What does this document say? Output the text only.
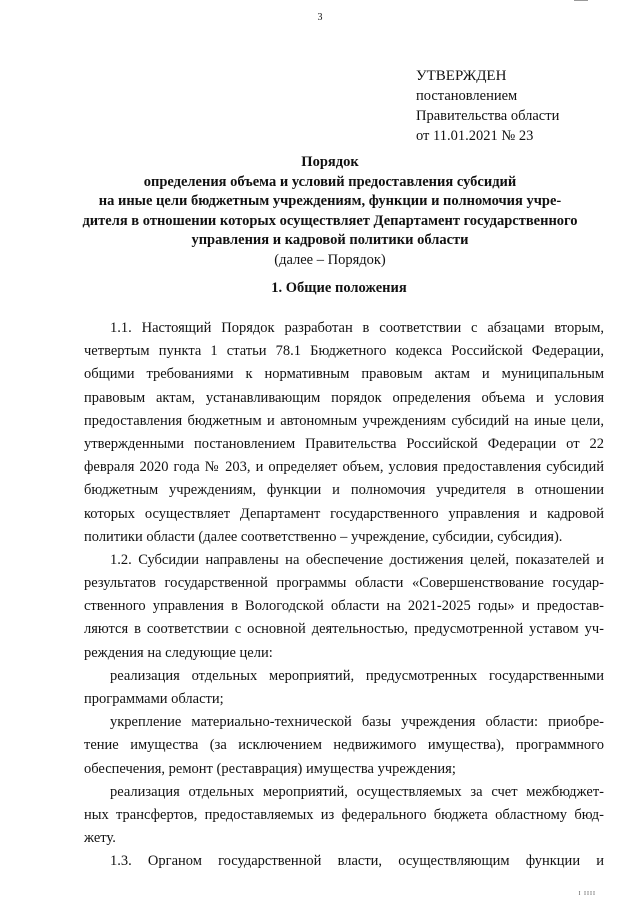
3
УТВЕРЖДЕН
постановлением
Правительства области
от 11.01.2021 № 23
Порядок
определения объема и условий предоставления субсидий
на иные цели бюджетным учреждениям, функции и полномочия учре-
дителя в отношении которых осуществляет Департамент государственного
управления и кадровой политики области
(далее – Порядок)
1. Общие положения
1.1. Настоящий Порядок разработан в соответствии с абзацами вторым,
четвертым пункта 1 статьи 78.1 Бюджетного кодекса Российской Федерации,
общими требованиями к нормативным правовым актам и муниципальным
правовым актам, устанавливающим порядок определения объема и условия
предоставления бюджетным и автономным учреждениям субсидий на иные цели,
утвержденными постановлением Правительства Российской Федерации от 22
февраля 2020 года № 203, и определяет объем, условия предоставления субсидий
бюджетным учреждениям, функции и полномочия учредителя в отношении
которых осуществляет Департамент государственного управления и кадровой
политики области (далее соответственно – учреждение, субсидии, субсидия).
1.2. Субсидии направлены на обеспечение достижения целей, показателей и
результатов государственной программы области «Совершенствование государ-
ственного управления в Вологодской области на 2021-2025 годы» и предостав-
ляются в соответствии с основной деятельностью, предусмотренной уставом уч-
реждения на следующие цели:
реализация отдельных мероприятий, предусмотренных государственными
программами области;
укрепление материально-технической базы учреждения области: приобре-
тение имущества (за исключением недвижимого имущества), программного
обеспечения, ремонт (реставрация) имущества учреждения;
реализация отдельных мероприятий, осуществляемых за счет межбюджет-
ных трансфертов, предоставляемых из федерального бюджета областному бюд-
жету.
1.3. Органом государственной власти, осуществляющим функции и
I IIII
